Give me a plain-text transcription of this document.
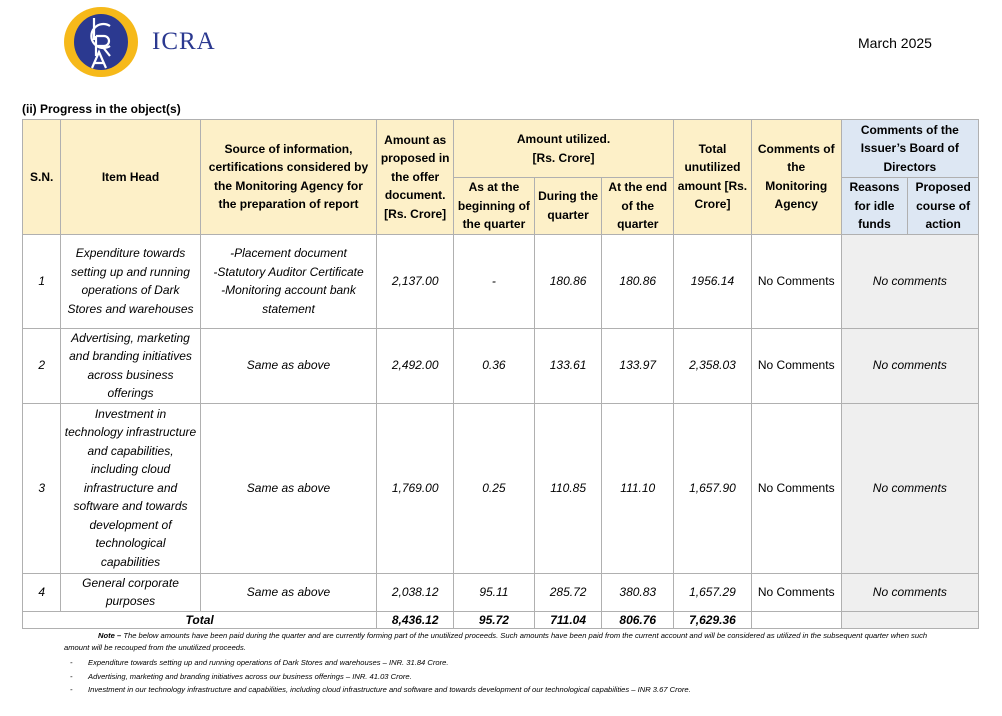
ICRA	March 2025
(ii) Progress in the object(s)
S.N.	Item Head	Source of information, certifications considered by the Monitoring Agency for the preparation of report	Amount as proposed in the offer document. [Rs. Crore]	Amount utilized.
[Rs. Crore]			Total unutilized amount [Rs. Crore]	Comments of the Monitoring Agency	Comments of the Issuer’s Board of Directors	
				As at the beginning of the quarter	During the quarter	At the end of the quarter			Reasons for idle funds	Proposed course of action
1	Expenditure towards setting up and running operations of Dark Stores and warehouses	-Placement document
-Statutory Auditor Certificate
-Monitoring account bank statement	2,137.00	-	180.86	180.86	1956.14	No Comments	No comments	
2	Advertising, marketing and branding initiatives across business offerings	Same as above	2,492.00	0.36	133.61	133.97	2,358.03	No Comments	No comments	
3	Investment in technology infrastructure and capabilities, including cloud infrastructure and software and towards development of technological capabilities	Same as above	1,769.00	0.25	110.85	111.10	1,657.90	No Comments	No comments	
4	General corporate purposes	Same as above	2,038.12	95.11	285.72	380.83	1,657.29	No Comments	No comments	
Total			8,436.12	95.72	711.04	806.76	7,629.36			
Note – The below amounts have been paid during the quarter and are currently forming part of the unutilized proceeds. Such amounts have been paid from the current account and will be considered as utilized in the subsequent quarter when such amount will be recouped from the unutilized proceeds.
- Expenditure towards setting up and running operations of Dark Stores and warehouses – INR. 31.84 Crore.
- Advertising, marketing and branding initiatives across our business offerings – INR. 41.03 Crore.
- Investment in our technology infrastructure and capabilities, including cloud infrastructure and software and towards development of our technological capabilities – INR 3.67 Crore.
